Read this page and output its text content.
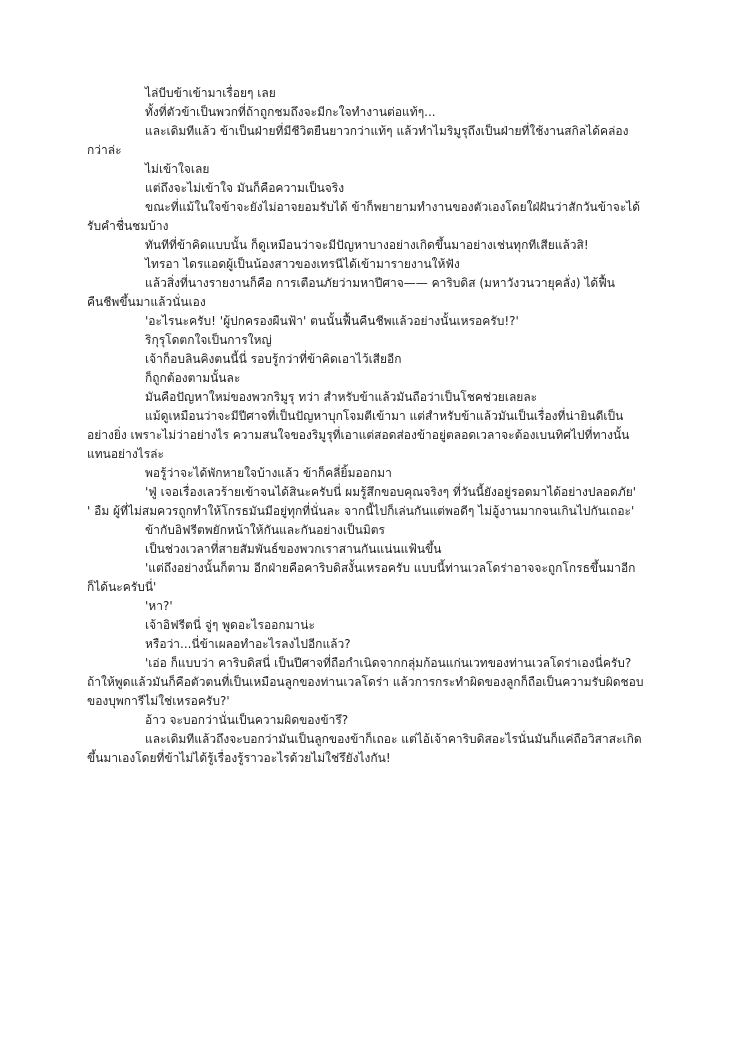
ไล่บีบข้าเข้ามาเรื่อยๆ เลย

ทั้งที่ตัวข้าเป็นพวกที่ถ้าถูกชมถึงจะมีกะใจทำงานต่อแท้ๆ...

และเดิมทีแล้ว ข้าเป็นฝ่ายที่มีชีวิตยืนยาวกว่าแท้ๆ แล้วทำไมริมูรุถึงเป็นฝ่ายที่ใช้งานสกิลได้คล่องกว่าล่ะ

ไม่เข้าใจเลย

แต่ถึงจะไม่เข้าใจ มันก็คือความเป็นจริง

ขณะที่แม้ในใจข้าจะยังไม่อาจยอมรับได้ ข้าก็พยายามทำงานของตัวเองโดยใฝ่ฝันว่าสักวันข้าจะได้รับคำชื่นชมบ้าง

ทันทีที่ข้าคิดแบบนั้น ก็ดูเหมือนว่าจะมีปัญหาบางอย่างเกิดขึ้นมาอย่างเช่นทุกทีเสียแล้วสิ!

ไทรอา ไดรแอดผู้เป็นน้องสาวของเทรนีได้เข้ามารายงานให้ฟัง

แล้วสิ่งที่นางรายงานก็คือ การเตือนภัยว่ามหาปีศาจ—— คาริบดิส (มหาวังวนวายุคลั่ง) ได้ฟื้นคืนชีพขึ้นมาแล้วนั่นเอง

'อะไรนะครับ! 'ผู้ปกครองผืนฟ้า' ตนนั้นฟื้นคืนชีพแล้วอย่างนั้นเหรอครับ!?'

ริกุรุโดตกใจเป็นการใหญ่

เจ้าก็อบลินคิงตนนี้นี่ รอบรู้กว่าที่ข้าคิดเอาไว้เสียอีก

ก็ถูกต้องตามนั้นละ

มันคือปัญหาใหม่ของพวกริมูรุ ทว่า สำหรับข้าแล้วมันถือว่าเป็นโชคช่วยเลยละ

แม้ดูเหมือนว่าจะมีปีศาจที่เป็นปัญหาบุกโจมตีเข้ามา แต่สำหรับข้าแล้วมันเป็นเรื่องที่น่ายินดีเป็นอย่างยิ่ง เพราะไม่ว่าอย่างไร ความสนใจของริมูรุที่เอาแต่สอดส่องข้าอยู่ตลอดเวลาจะต้องเบนทิศไปที่ทางนั้นแทนอย่างไรล่ะ

พอรู้ว่าจะได้พักหายใจบ้างแล้ว ข้าก็คลี่ยิ้มออกมา

'ฟู่ เจอเรื่องเลวร้ายเข้าจนได้สินะครับนี่ ผมรู้สึกขอบคุณจริงๆ ที่วันนี้ยังอยู่รอดมาได้อย่างปลอดภัย'

' อืม ผู้ที่ไม่สมควรถูกทำให้โกรธมันมีอยู่ทุกที่นั่นละ จากนี้ไปก็เล่นกันแต่พอดีๆ ไม่อู้งานมากจนเกินไปกันเถอะ'

ข้ากับอิฟรีตพยักหน้าให้กันและกันอย่างเป็นมิตร

เป็นช่วงเวลาที่สายสัมพันธ์ของพวกเราสานกันแน่นแฟ้นขึ้น

'แต่ถึงอย่างนั้นก็ตาม อีกฝ่ายคือคาริบดิสงั้นเหรอครับ แบบนี้ท่านเวลโดร่าอาจจะถูกโกรธขึ้นมาอีกก็ได้นะครับนี่'

'หา?'

เจ้าอิฟรีตนี่ จู่ๆ พูดอะไรออกมาน่ะ

หรือว่า...นี่ข้าเผลอทำอะไรลงไปอีกแล้ว?

'เอ่อ ก็แบบว่า คาริบดิสนี่ เป็นปีศาจที่ถือกำเนิดจากกลุ่มก้อนแก่นเวทของท่านเวลโดร่าเองนี่ครับ? ถ้าให้พูดแล้วมันก็คือตัวตนที่เป็นเหมือนลูกของท่านเวลโดร่า แล้วการกระทำผิดของลูกก็ถือเป็นความรับผิดชอบของบุพการีไม่ใช่เหรอครับ?'

อ้าว จะบอกว่านั่นเป็นความผิดของข้ารึ?

และเดิมทีแล้วถึงจะบอกว่ามันเป็นลูกของข้าก็เถอะ แต่ไอ้เจ้าคาริบดิสอะไรนั่นมันก็แค่ถือวิสาสะเกิดขึ้นมาเองโดยที่ข้าไม่ได้รู้เรื่องรู้ราวอะไรด้วยไม่ใช่รึยังไงกัน!
